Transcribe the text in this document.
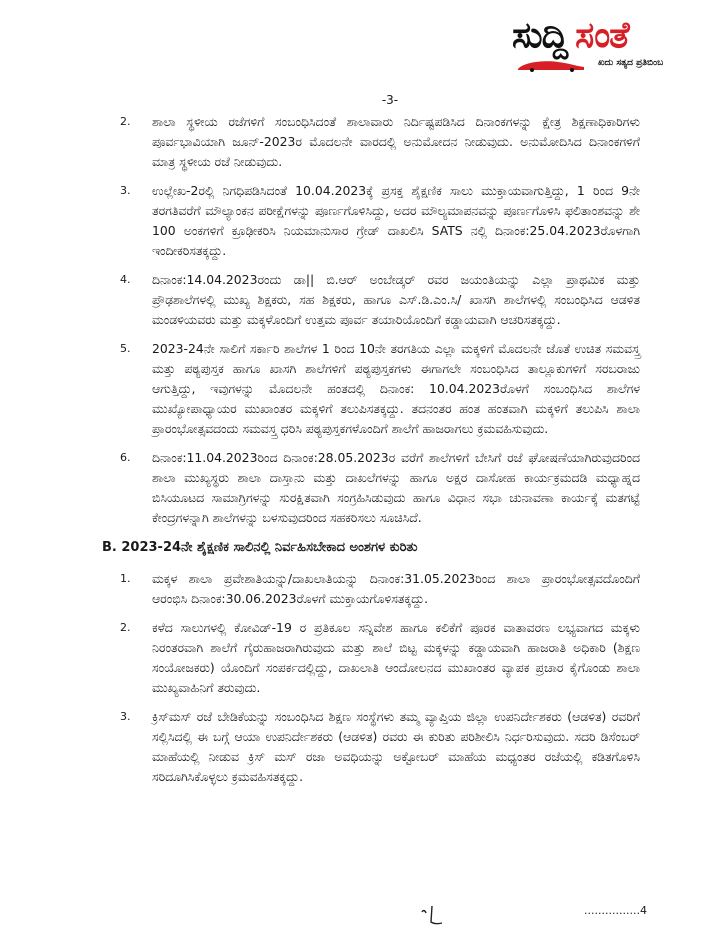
ಸುದ್ದಿ ಸಂತೆ
ಖದು ಸತ್ಯದ ಪ್ರತಿಬಿಂಬ
-3-
2. ಶಾಲಾ ಸ್ಥಳೀಯ ರಜೆಗಳಿಗೆ ಸಂಬಂಧಿಸಿದಂತೆ ಶಾಲಾವಾರು ನಿರ್ದಿಷ್ಟಪಡಿಸಿದ ದಿನಾಂಕಗಳನ್ನು ಕ್ಷೇತ್ರ ಶಿಕ್ಷಣಾಧಿಕಾರಿಗಳು ಪೂರ್ವಭಾವಿಯಾಗಿ ಜೂನ್-2023ರ ಮೊದಲನೇ ವಾರದಲ್ಲಿ ಅನುಮೋದನ ನೀಡುವುದು. ಅನುಮೋದಿಸಿದ ದಿನಾಂಕಗಳಿಗೆ ಮಾತ್ರ ಸ್ಥಳೀಯ ರಜೆ ನೀಡುವುದು.
3. ಉಲ್ಲೇಖ-2ರಲ್ಲಿ ನಿಗಧಿಪಡಿಸಿದಂತೆ 10.04.2023ಕ್ಕೆ ಪ್ರಸಕ್ತ ಶೈಕ್ಷಣಿಕ ಸಾಲು ಮುಕ್ತಾಯವಾಗುತ್ತಿದ್ದು, 1 ರಿಂದ 9ನೇ ತರಗತಿವರೆಗೆ ಮೌಲ್ಯಾಂಕನ ಪರೀಕ್ಷೆಗಳನ್ನು ಪೂರ್ಣಗೊಳಿಸಿದ್ದು, ಅದರ ಮೌಲ್ಯಮಾಪನವನ್ನು ಪೂರ್ಣಗೊಳಿಸಿ ಫಲಿತಾಂಶವನ್ನು ಶೇ 100 ಅಂಕಗಳಿಗೆ ಕ್ರೂಢೀಕರಿಸಿ ನಿಯಮಾನುಸಾರ ಗ್ರೇಡ್ ದಾಖಲಿಸಿ SATS ನಲ್ಲಿ ದಿನಾಂಕ:25.04.2023ರೊಳಗಾಗಿ ಇಂದೀಕರಿಸತಕ್ಕದ್ದು.
4. ದಿನಾಂಕ:14.04.2023ರಂದು ಡಾ|| ಬಿ.ಆರ್ ಅಂಬೇಡ್ಕರ್ ರವರ ಜಯಂತಿಯನ್ನು ಎಲ್ಲಾ ಪ್ರಾಥಮಿಕ ಮತ್ತು ಪ್ರೌಢಶಾಲೆಗಳಲ್ಲಿ ಮುಖ್ಯ ಶಿಕ್ಷಕರು, ಸಹ ಶಿಕ್ಷಕರು, ಹಾಗೂ ಎಸ್.ಡಿ.ಎಂ.ಸಿ/ ಖಾಸಗಿ ಶಾಲೆಗಳಲ್ಲಿ ಸಂಬಂಧಿಸಿದ ಆಡಳಿತ ಮಂಡಳಿಯವರು ಮತ್ತು ಮಕ್ಕಳೊಂದಿಗೆ ಉತ್ತಮ ಪೂರ್ವ ತಯಾರಿಯೊಂದಿಗೆ ಕಡ್ಡಾಯವಾಗಿ ಆಚರಿಸತಕ್ಕದ್ದು.
5. 2023-24ನೇ ಸಾಲಿಗೆ ಸರ್ಕಾರಿ ಶಾಲೆಗಳ 1 ರಿಂದ 10ನೇ ತರಗತಿಯ ಎಲ್ಲಾ ಮಕ್ಕಳಿಗೆ ಮೊದಲನೇ ಜೊತೆ ಉಚಿತ ಸಮವಸ್ತ್ರ ಮತ್ತು ಪಠ್ಯಪುಸ್ತಕ ಹಾಗೂ ಖಾಸಗಿ ಶಾಲೆಗಳಿಗೆ ಪಠ್ಯಪುಸ್ತಕಗಳು ಈಗಾಗಲೇ ಸಂಬಂಧಿಸಿದ ತಾಲ್ಲೂಕುಗಳಿಗೆ ಸರಬರಾಜು ಆಗುತ್ತಿದ್ದು, ಇವುಗಳನ್ನು ಮೊದಲನೇ ಹಂತದಲ್ಲಿ ದಿನಾಂಕ: 10.04.2023ರೊಳಗೆ ಸಂಬಂಧಿಸಿದ ಶಾಲೆಗಳ ಮುಖ್ಯೋಪಾಧ್ಯಾಯರ ಮುಖಾಂತರ ಮಕ್ಕಳಿಗೆ ತಲುಪಿಸತಕ್ಕದ್ದು. ತದನಂತರ ಹಂತ ಹಂತವಾಗಿ ಮಕ್ಕಳಿಗೆ ತಲುಪಿಸಿ ಶಾಲಾ ಪ್ರಾರಂಭೋತ್ಸವದಂದು ಸಮವಸ್ತ್ರ ಧರಿಸಿ ಪಠ್ಯಪುಸ್ತಕಗಳೊಂದಿಗೆ ಶಾಲೆಗೆ ಹಾಜರಾಗಲು ಕ್ರಮವಹಿಸುವುದು.
6. ದಿನಾಂಕ:11.04.2023ರಿಂದ ದಿನಾಂಕ:28.05.2023ರ ವರೆಗೆ ಶಾಲೆಗಳಿಗೆ ಬೇಸಿಗೆ ರಜೆ ಘೋಷಣೆಯಾಗಿರುವುದರಿಂದ ಶಾಲಾ ಮುಖ್ಯಸ್ಥರು ಶಾಲಾ ದಾಸ್ತಾನು ಮತ್ತು ದಾಖಲೆಗಳನ್ನು ಹಾಗೂ ಅಕ್ಷರ ದಾಸೋಹ ಕಾರ್ಯಕ್ರಮದಡಿ ಮಧ್ಯಾಹ್ನದ ಬಿಸಿಯೂಟದ ಸಾಮಾಗ್ರಿಗಳನ್ನು ಸುರಕ್ಷಿತವಾಗಿ ಸಂಗ್ರಹಿಸಿಡುವುದು ಹಾಗೂ ವಿಧಾನ ಸಭಾ ಚುನಾವಣಾ ಕಾರ್ಯಕ್ಕೆ ಮತಗಟ್ಟೆ ಕೇಂದ್ರಗಳನ್ನಾಗಿ ಶಾಲೆಗಳನ್ನು ಬಳಸುವುದರಿಂದ ಸಹಕರಿಸಲು ಸೂಚಿಸಿದೆ.
B. 2023-24ನೇ ಶೈಕ್ಷಣಿಕ ಸಾಲಿನಲ್ಲಿ ನಿರ್ವಹಿಸಬೇಕಾದ ಅಂಶಗಳ ಕುರಿತು
1. ಮಕ್ಕಳ ಶಾಲಾ ಪ್ರವೇಶಾತಿಯನ್ನು/ದಾಖಲಾತಿಯನ್ನು ದಿನಾಂಕ:31.05.2023ರಿಂದ ಶಾಲಾ ಪ್ರಾರಂಭೋತ್ಸವದೊಂದಿಗೆ ಆರಂಭಿಸಿ ದಿನಾಂಕ:30.06.2023ರೊಳಗೆ ಮುಕ್ತಾಯಗೊಳಿಸತಕ್ಕದ್ದು.
2. ಕಳೆದ ಸಾಲುಗಳಲ್ಲಿ ಕೋವಿಡ್-19 ರ ಪ್ರತಿಕೂಲ ಸನ್ನಿವೇಶ ಹಾಗೂ ಕಲಿಕೆಗೆ ಪೂರಕ ವಾತಾವರಣ ಲಭ್ಯವಾಗದ ಮಕ್ಕಳು ನಿರಂತರವಾಗಿ ಶಾಲೆಗೆ ಗೈರುಹಾಜರಾಗಿರುವುದು ಮತ್ತು ಶಾಲೆ ಬಿಟ್ಟ ಮಕ್ಕಳನ್ನು ಕಡ್ಡಾಯವಾಗಿ ಹಾಜರಾತಿ ಅಧಿಕಾರಿ (ಶಿಕ್ಷಣ ಸಂಯೋಜಕರು) ಯೊಂದಿಗೆ ಸಂಪರ್ಕದಲ್ಲಿದ್ದು, ದಾಖಲಾತಿ ಆಂದೋಲನದ ಮುಖಾಂತರ ವ್ಯಾಪಕ ಪ್ರಚಾರ ಕೈಗೊಂಡು ಶಾಲಾ ಮುಖ್ಯವಾಹಿನಿಗೆ ತರುವುದು.
3. ಕ್ರಿಸ್‌ಮಸ್ ರಜೆ ಬೇಡಿಕೆಯನ್ನು ಸಂಬಂಧಿಸಿದ ಶಿಕ್ಷಣ ಸಂಸ್ಥೆಗಳು ತಮ್ಮ ವ್ಯಾಪ್ತಿಯ ಜಿಲ್ಲಾ ಉಪನಿರ್ದೇಶಕರು (ಆಡಳಿತ) ರವರಿಗೆ ಸಲ್ಲಿಸಿದಲ್ಲಿ ಈ ಬಗ್ಗೆ ಆಯಾ ಉಪನಿರ್ದೇಶಕರು (ಆಡಳಿತ) ರವರು ಈ ಕುರಿತು ಪರಿಶೀಲಿಸಿ ನಿರ್ಧರಿಸುವುದು. ಸದರಿ ಡಿಸೆಂಬರ್ ಮಾಹೆಯಲ್ಲಿ ನೀಡುವ ಕ್ರಿಸ್ ಮಸ್ ರಜಾ ಅವಧಿಯನ್ನು ಅಕ್ಟೋಬರ್ ಮಾಹೆಯ ಮಧ್ಯಂತರ ರಜೆಯಲ್ಲಿ ಕಡಿತಗೊಳಿಸಿ ಸರಿದೂಗಿಸಿಕೊಳ್ಳಲು ಕ್ರಮವಹಿಸತಕ್ಕದ್ದು.
................4
